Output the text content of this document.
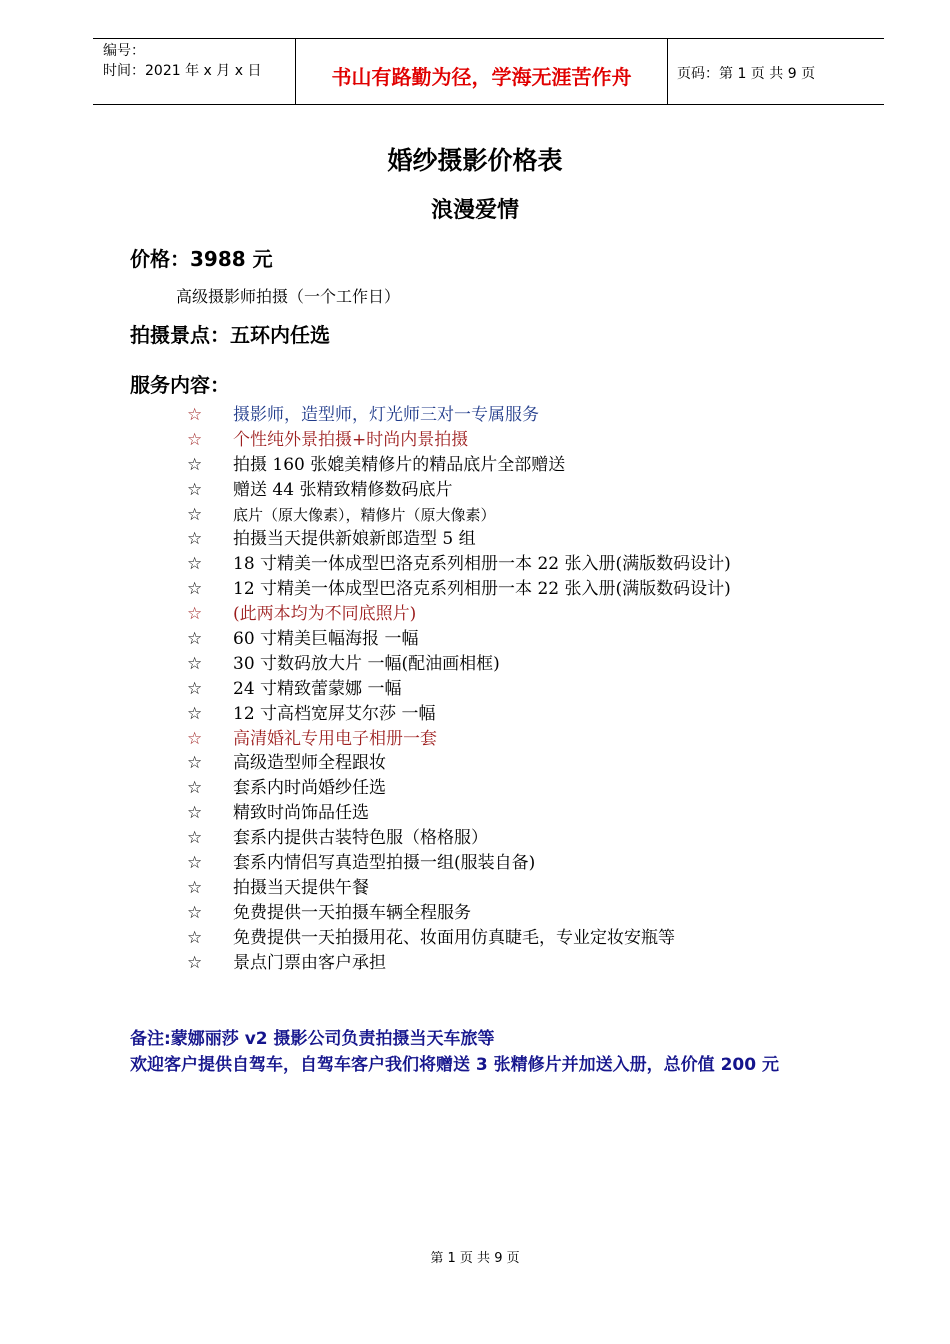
编号：
时间：2021 年 x 月 x 日	书山有路勤为径，学海无涯苦作舟	页码：第 1 页 共 9 页
婚纱摄影价格表
浪漫爱情
价格：3988 元
高级摄影师拍摄（一个工作日）
拍摄景点：五环内任选
服务内容：
☆ 摄影师，造型师，灯光师三对一专属服务
☆ 个性纯外景拍摄+时尚内景拍摄
☆ 拍摄 160 张媲美精修片的精品底片全部赠送
☆ 赠送 44 张精致精修数码底片
☆ 底片（原大像素），精修片（原大像素）
☆ 拍摄当天提供新娘新郎造型 5 组
☆ 18 寸精美一体成型巴洛克系列相册一本 22 张入册(满版数码设计)
☆ 12 寸精美一体成型巴洛克系列相册一本 22 张入册(满版数码设计)
☆ (此两本均为不同底照片)
☆ 60 寸精美巨幅海报 一幅
☆ 30 寸数码放大片 一幅(配油画相框)
☆ 24 寸精致蕾蒙娜 一幅
☆ 12 寸高档宽屏艾尔莎 一幅
☆ 高清婚礼专用电子相册一套
☆ 高级造型师全程跟妆
☆ 套系内时尚婚纱任选
☆ 精致时尚饰品任选
☆ 套系内提供古装特色服（格格服）
☆ 套系内情侣写真造型拍摄一组(服装自备)
☆ 拍摄当天提供午餐
☆ 免费提供一天拍摄车辆全程服务
☆ 免费提供一天拍摄用花、妆面用仿真睫毛，专业定妆安瓶等
☆ 景点门票由客户承担
备注:蒙娜丽莎 v2 摄影公司负责拍摄当天车旅等
欢迎客户提供自驾车，自驾车客户我们将赠送 3 张精修片并加送入册，总价值 200 元
第 1 页 共 9 页
